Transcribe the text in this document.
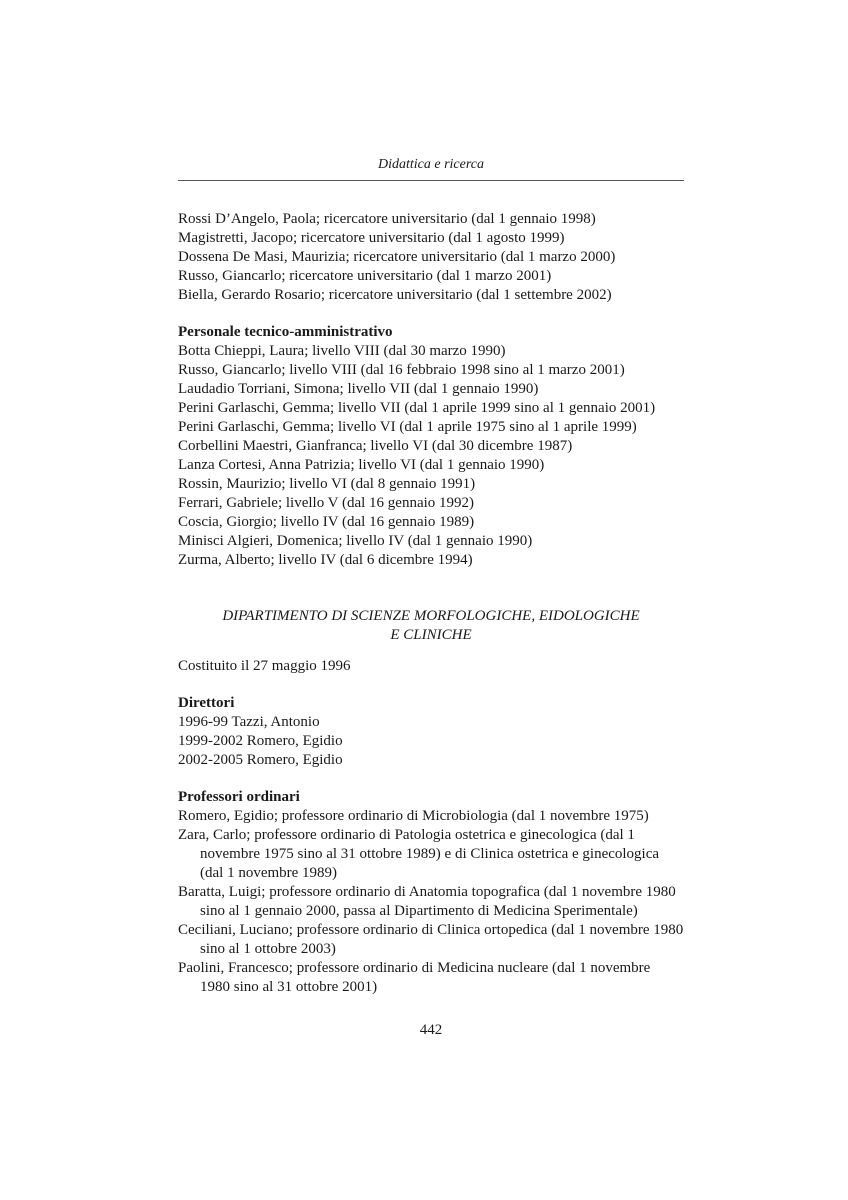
Didattica e ricerca
Rossi D’Angelo, Paola; ricercatore universitario (dal 1 gennaio 1998)
Magistretti, Jacopo; ricercatore universitario (dal 1 agosto 1999)
Dossena De Masi, Maurizia; ricercatore universitario (dal 1 marzo 2000)
Russo, Giancarlo; ricercatore universitario (dal 1 marzo 2001)
Biella, Gerardo Rosario; ricercatore universitario (dal 1 settembre 2002)
Personale tecnico-amministrativo
Botta Chieppi, Laura; livello VIII (dal 30 marzo 1990)
Russo, Giancarlo; livello VIII (dal 16 febbraio 1998 sino al 1 marzo 2001)
Laudadio Torriani, Simona; livello VII (dal 1 gennaio 1990)
Perini Garlaschi, Gemma; livello VII (dal 1 aprile 1999 sino al 1 gennaio 2001)
Perini Garlaschi, Gemma; livello VI (dal 1 aprile 1975 sino al 1 aprile 1999)
Corbellini Maestri, Gianfranca; livello VI (dal 30 dicembre 1987)
Lanza Cortesi, Anna Patrizia; livello VI (dal 1 gennaio 1990)
Rossin, Maurizio; livello VI (dal 8 gennaio 1991)
Ferrari, Gabriele; livello V (dal 16 gennaio 1992)
Coscia, Giorgio; livello IV (dal 16 gennaio 1989)
Minisci Algieri, Domenica; livello IV (dal 1 gennaio 1990)
Zurma, Alberto; livello IV (dal 6 dicembre 1994)
DIPARTIMENTO DI SCIENZE MORFOLOGICHE, EIDOLOGICHE
E CLINICHE
Costituito il 27 maggio 1996
Direttori
1996-99 Tazzi, Antonio
1999-2002 Romero, Egidio
2002-2005 Romero, Egidio
Professori ordinari
Romero, Egidio; professore ordinario di Microbiologia (dal 1 novembre 1975)
Zara, Carlo; professore ordinario di Patologia ostetrica e ginecologica (dal 1 novembre 1975 sino al 31 ottobre 1989) e di Clinica ostetrica e ginecologica (dal 1 novembre 1989)
Baratta, Luigi; professore ordinario di Anatomia topografica (dal 1 novembre 1980 sino al 1 gennaio 2000, passa al Dipartimento di Medicina Sperimentale)
Ceciliani, Luciano; professore ordinario di Clinica ortopedica (dal 1 novembre 1980 sino al 1 ottobre 2003)
Paolini, Francesco; professore ordinario di Medicina nucleare (dal 1 novembre 1980 sino al 31 ottobre 2001)
442
